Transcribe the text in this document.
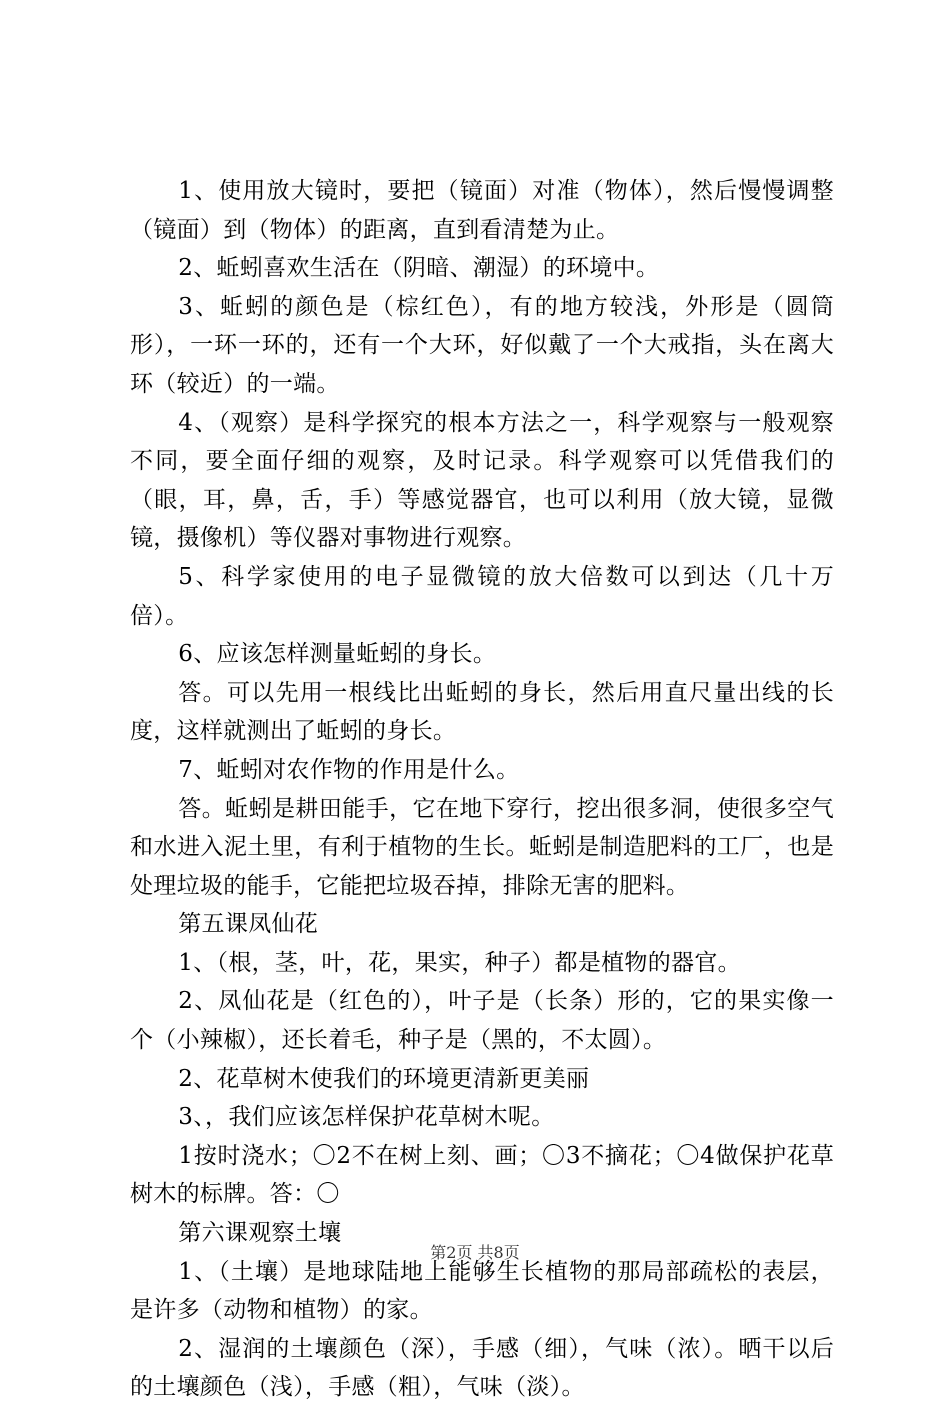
1、使用放大镜时，要把（镜面）对准（物体），然后慢慢调整（镜面）到（物体）的距离，直到看清楚为止。

2、蚯蚓喜欢生活在（阴暗、潮湿）的环境中。

3、蚯蚓的颜色是（棕红色），有的地方较浅，外形是（圆筒形），一环一环的，还有一个大环，好似戴了一个大戒指，头在离大环（较近）的一端。

4、（观察）是科学探究的根本方法之一，科学观察与一般观察不同，要全面仔细的观察，及时记录。科学观察可以凭借我们的（眼，耳，鼻，舌，手）等感觉器官，也可以利用（放大镜，显微镜，摄像机）等仪器对事物进行观察。

5、科学家使用的电子显微镜的放大倍数可以到达（几十万倍）。

6、应该怎样测量蚯蚓的身长。

答。可以先用一根线比出蚯蚓的身长，然后用直尺量出线的长度，这样就测出了蚯蚓的身长。

7、蚯蚓对农作物的作用是什么。

答。蚯蚓是耕田能手，它在地下穿行，挖出很多洞，使很多空气和水进入泥土里，有利于植物的生长。蚯蚓是制造肥料的工厂，也是处理垃圾的能手，它能把垃圾吞掉，排除无害的肥料。

第五课凤仙花

1、（根，茎，叶，花，果实，种子）都是植物的器官。

2、凤仙花是（红色的），叶子是（长条）形的，它的果实像一个（小辣椒），还长着毛，种子是（黑的，不太圆）。

2、花草树木使我们的环境更清新更美丽

3、，我们应该怎样保护花草树木呢。

1按时浇水；〇2不在树上刻、画；〇3不摘花；〇4做保护花草树木的标牌。答：〇

第六课观察土壤

1、（土壤）是地球陆地上能够生长植物的那局部疏松的表层，是许多（动物和植物）的家。

2、湿润的土壤颜色（深），手感（细），气味（浓）。晒干以后的土壤颜色（浅），手感（粗），气味（淡）。

第2页 共8页
